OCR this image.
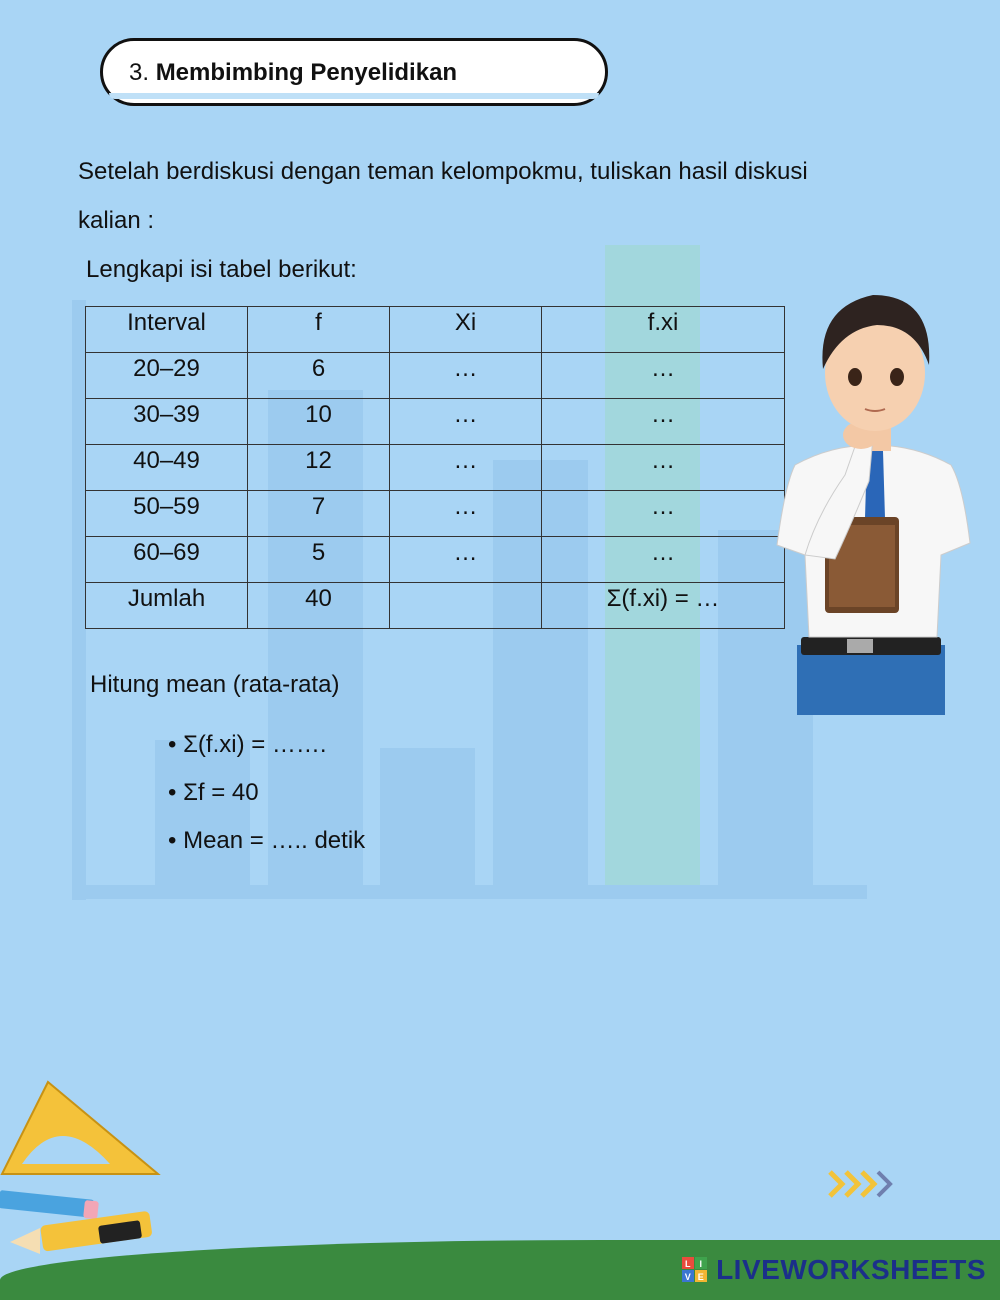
3. Membimbing Penyelidikan
Setelah berdiskusi dengan teman kelompokmu, tuliskan hasil diskusi
kalian :
Lengkapi isi tabel berikut:
Interval	f	Xi	f.xi
20–29	6	…	…
30–39	10	…	…
40–49	12	…	…
50–59	7	…	…
60–69	5	…	…
Jumlah	40		Σ(f.xi) = …
Hitung mean (rata-rata)
• Σ(f.xi) = …….
• Σf = 40
• Mean = ….. detik
L I
V E LIVEWORKSHEETS
